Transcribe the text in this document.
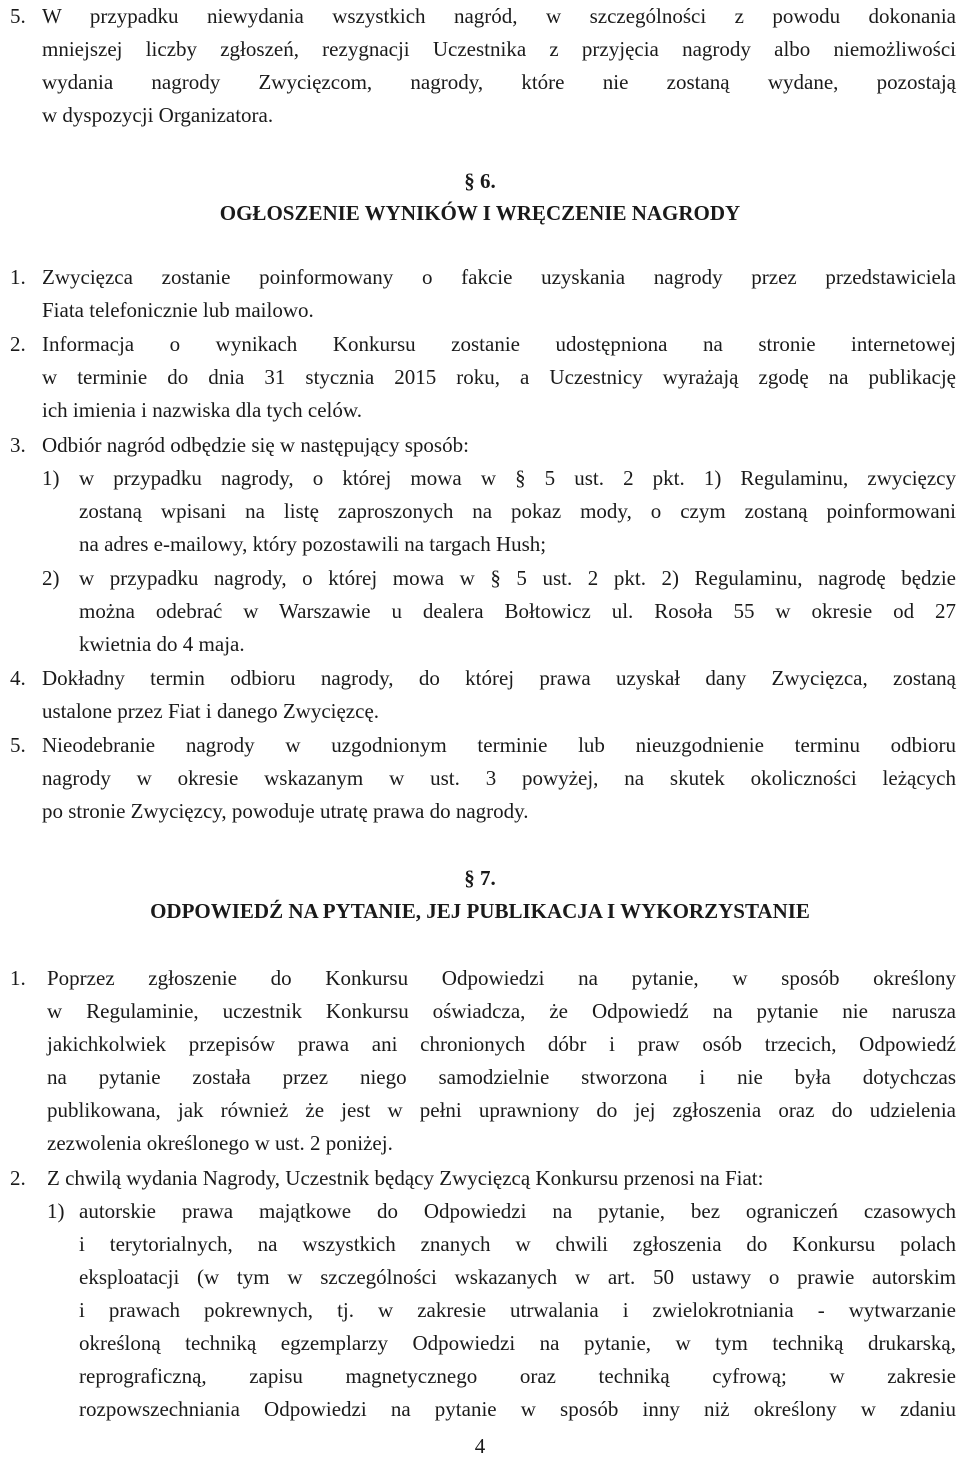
5. W przypadku niewydania wszystkich nagród, w szczególności z powodu dokonania
mniejszej liczby zgłoszeń, rezygnacji Uczestnika z przyjęcia nagrody albo niemożliwości
wydania nagrody Zwycięzcom, nagrody, które nie zostaną wydane, pozostają
w dyspozycji Organizatora.

§ 6.

OGŁOSZENIE WYNIKÓW I WRĘCZENIE NAGRODY

1. Zwycięzca zostanie poinformowany o fakcie uzyskania nagrody przez przedstawiciela
Fiata telefonicznie lub mailowo.
2. Informacja o wynikach Konkursu zostanie udostępniona na stronie internetowej
w terminie do dnia 31 stycznia 2015 roku, a Uczestnicy wyrażają zgodę na publikację
ich imienia i nazwiska dla tych celów.
3. Odbiór nagród odbędzie się w następujący sposób:
1) w przypadku nagrody, o której mowa w § 5 ust. 2 pkt. 1) Regulaminu, zwycięzcy
zostaną wpisani na listę zaproszonych na pokaz mody, o czym zostaną poinformowani
na adres e-mailowy, który pozostawili na targach Hush;
2) w przypadku nagrody, o której mowa w § 5 ust. 2 pkt. 2) Regulaminu, nagrodę będzie
można odebrać w Warszawie u dealera Bołtowicz ul. Rosoła 55 w okresie od 27
kwietnia do 4 maja.
4. Dokładny termin odbioru nagrody, do której prawa uzyskał dany Zwycięzca, zostaną
ustalone przez Fiat i danego Zwycięzcę.
5. Nieodebranie nagrody w uzgodnionym terminie lub nieuzgodnienie terminu odbioru
nagrody w okresie wskazanym w ust. 3 powyżej, na skutek okoliczności leżących
po stronie Zwycięzcy, powoduje utratę prawa do nagrody.

§ 7.

ODPOWIEDŹ NA PYTANIE, JEJ PUBLIKACJA I WYKORZYSTANIE

1. Poprzez zgłoszenie do Konkursu Odpowiedzi na pytanie, w sposób określony
w Regulaminie, uczestnik Konkursu oświadcza, że Odpowiedź na pytanie nie narusza
jakichkolwiek przepisów prawa ani chronionych dóbr i praw osób trzecich, Odpowiedź
na pytanie została przez niego samodzielnie stworzona i nie była dotychczas
publikowana, jak również że jest w pełni uprawniony do jej zgłoszenia oraz do udzielenia
zezwolenia określonego w ust. 2 poniżej.
2. Z chwilą wydania Nagrody, Uczestnik będący Zwycięzcą Konkursu przenosi na Fiat:
1) autorskie prawa majątkowe do Odpowiedzi na pytanie, bez ograniczeń czasowych
i terytorialnych, na wszystkich znanych w chwili zgłoszenia do Konkursu polach
eksploatacji (w tym w szczególności wskazanych w art. 50 ustawy o prawie autorskim
i prawach pokrewnych, tj. w zakresie utrwalania i zwielokrotniania - wytwarzanie
określoną techniką egzemplarzy Odpowiedzi na pytanie, w tym techniką drukarską,
reprograficzną, zapisu magnetycznego oraz techniką cyfrową; w zakresie
rozpowszechniania Odpowiedzi na pytanie w sposób inny niż określony w zdaniu
4
